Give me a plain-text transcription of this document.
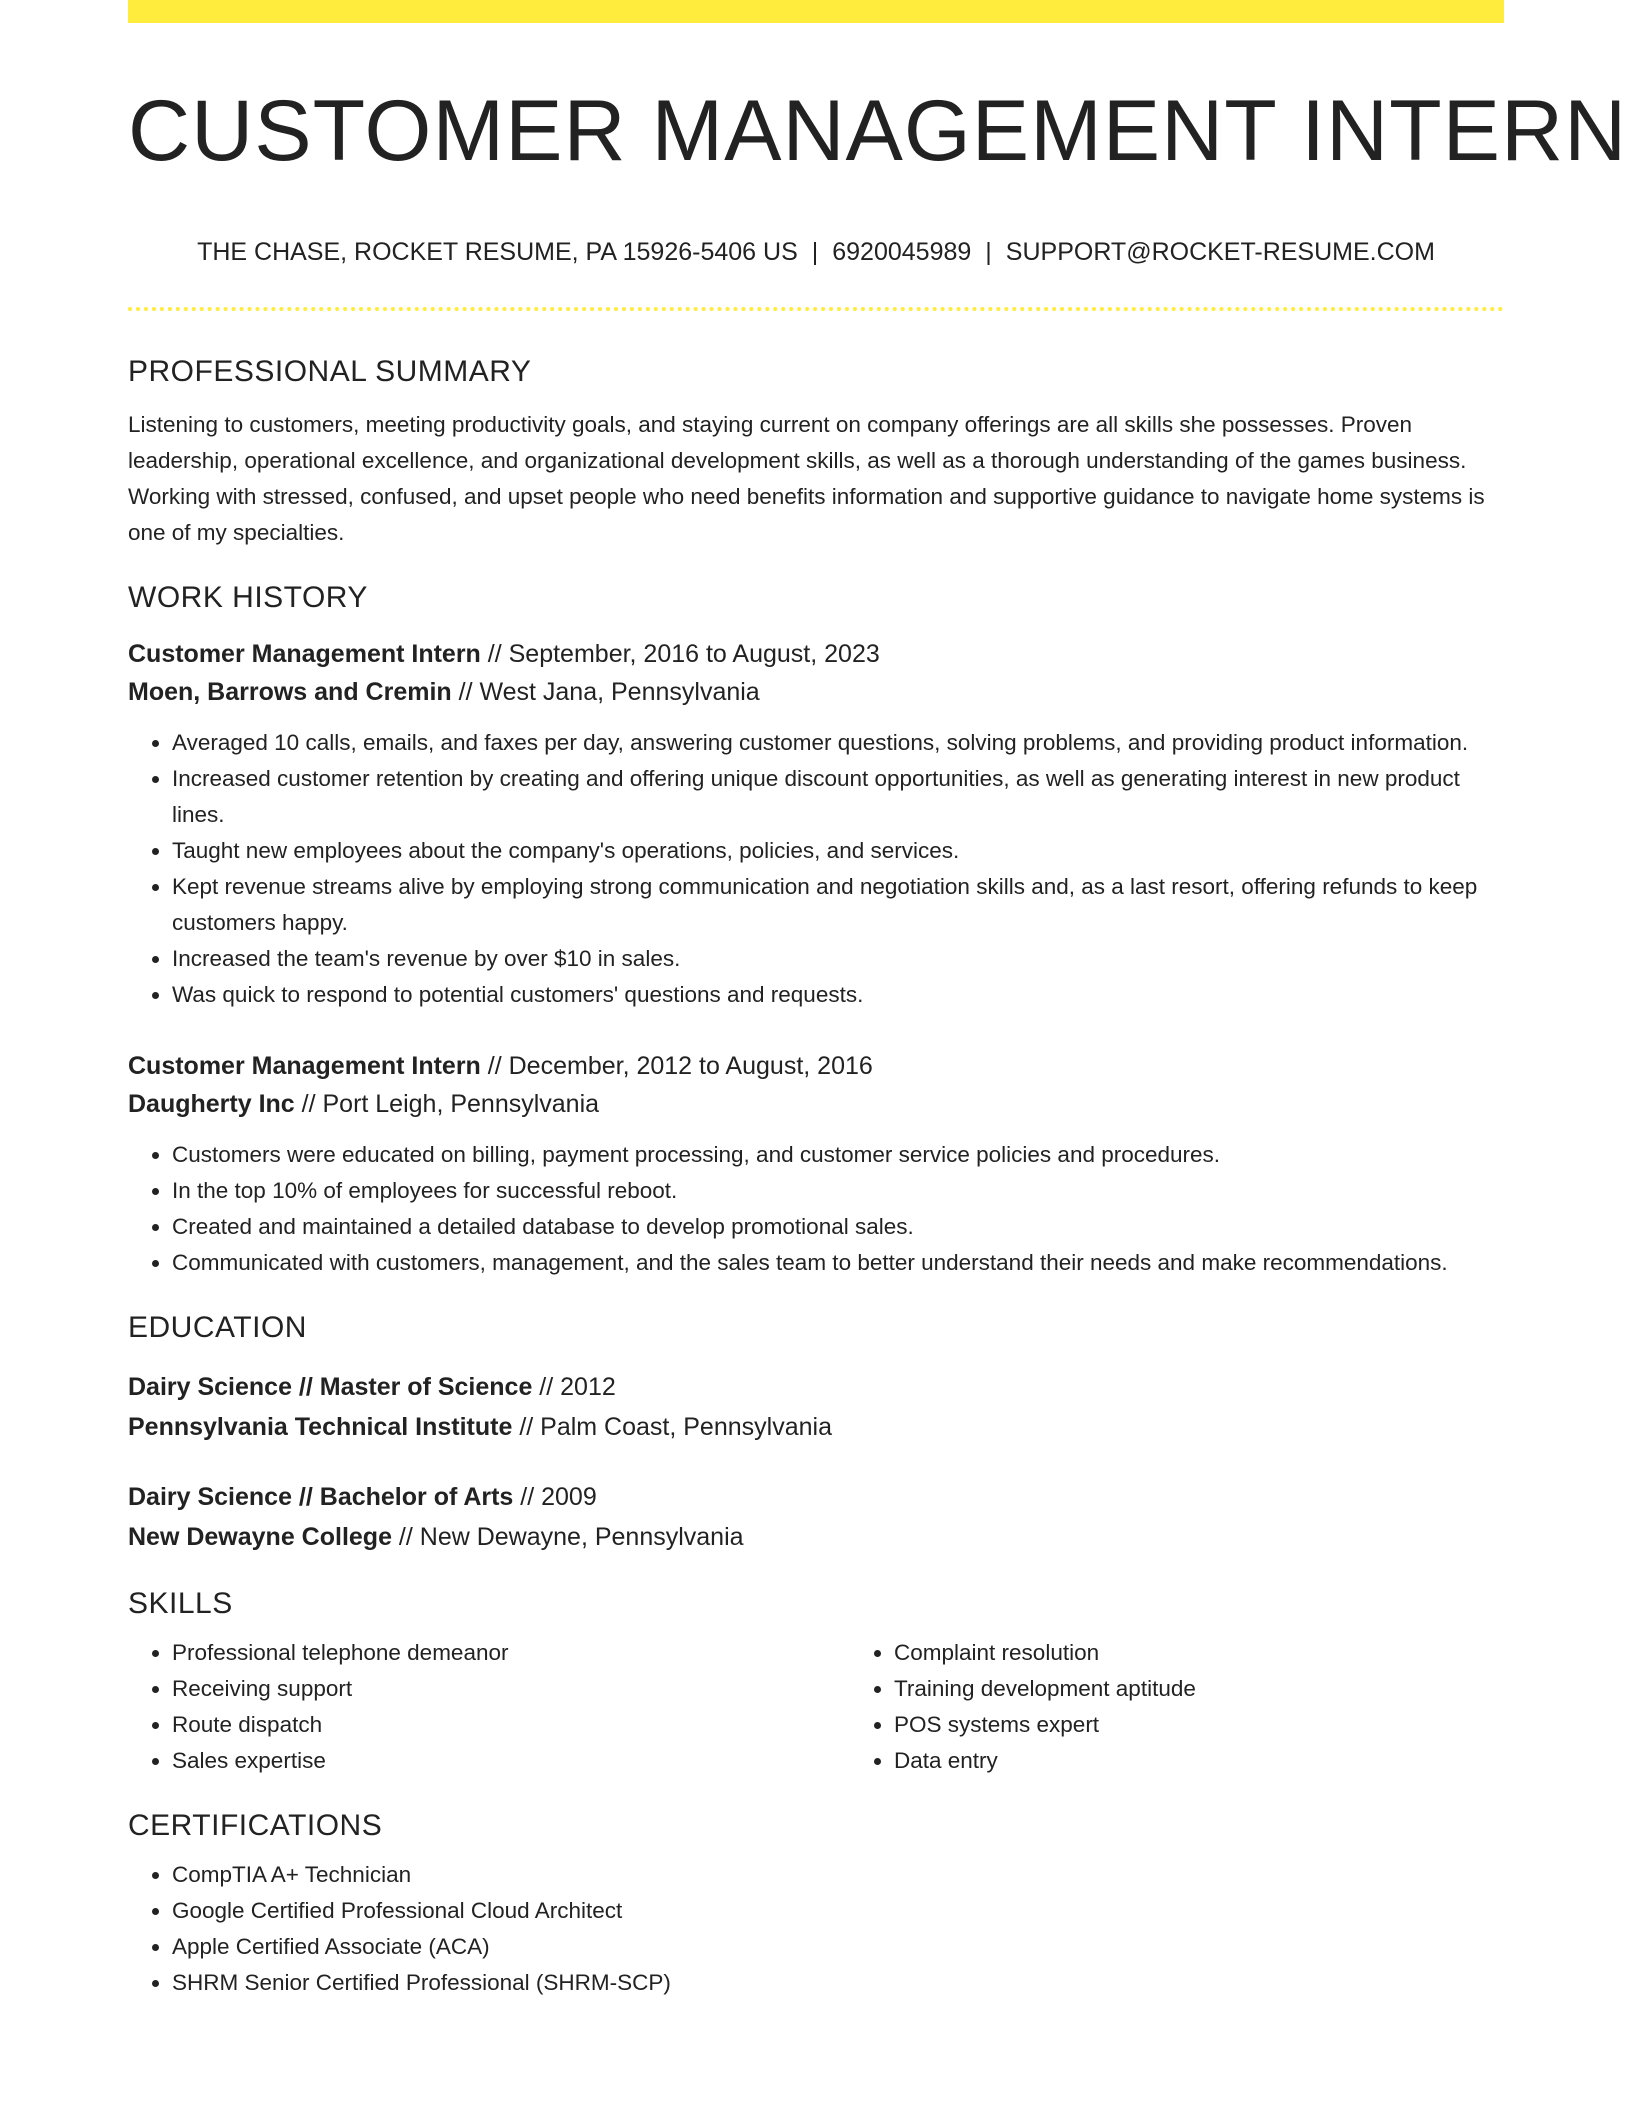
CUSTOMER MANAGEMENT INTERN
THE CHASE, ROCKET RESUME, PA 15926-5406 US | 6920045989 | SUPPORT@ROCKET-RESUME.COM
PROFESSIONAL SUMMARY

Listening to customers, meeting productivity goals, and staying current on company offerings are all skills she possesses. Proven leadership, operational excellence, and organizational development skills, as well as a thorough understanding of the games business. Working with stressed, confused, and upset people who need benefits information and supportive guidance to navigate home systems is one of my specialties.

WORK HISTORY
Customer Management Intern // September, 2016 to August, 2023
Moen, Barrows and Cremin // West Jana, Pennsylvania
• Averaged 10 calls, emails, and faxes per day, answering customer questions, solving problems, and providing product information.
• Increased customer retention by creating and offering unique discount opportunities, as well as generating interest in new product lines.
• Taught new employees about the company's operations, policies, and services.
• Kept revenue streams alive by employing strong communication and negotiation skills and, as a last resort, offering refunds to keep customers happy.
• Increased the team's revenue by over $10 in sales.
• Was quick to respond to potential customers' questions and requests.
Customer Management Intern // December, 2012 to August, 2016
Daugherty Inc // Port Leigh, Pennsylvania
• Customers were educated on billing, payment processing, and customer service policies and procedures.
• In the top 10% of employees for successful reboot.
• Created and maintained a detailed database to develop promotional sales.
• Communicated with customers, management, and the sales team to better understand their needs and make recommendations.
EDUCATION
Dairy Science // Master of Science // 2012
Pennsylvania Technical Institute // Palm Coast, Pennsylvania
Dairy Science // Bachelor of Arts // 2009
New Dewayne College // New Dewayne, Pennsylvania
SKILLS
• Professional telephone demeanor
• Receiving support
• Route dispatch
• Sales expertise
• Complaint resolution
• Training development aptitude
• POS systems expert
• Data entry
CERTIFICATIONS
• CompTIA A+ Technician
• Google Certified Professional Cloud Architect
• Apple Certified Associate (ACA)
• SHRM Senior Certified Professional (SHRM-SCP)
